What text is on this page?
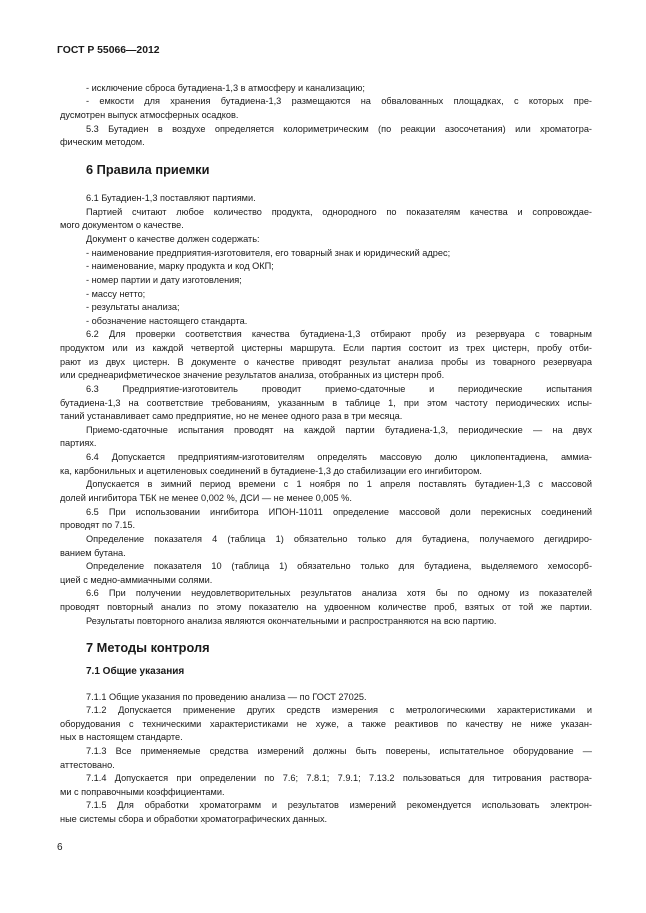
ГОСТ Р 55066—2012

- исключение сброса бутадиена-1,3 в атмосферу и канализацию;

- емкости для хранения бутадиена-1,3 размещаются на обвалованных площадках, с которых пре-

дусмотрен выпуск атмосферных осадков.

5.3 Бутадиен в воздухе определяется колориметрическим (по реакции азосочетания) или хроматогра-

фическим методом.

6.1 Бутадиен-1,3 поставляют партиями.

Партией считают любое количество продукта, однородного по показателям качества и сопровождае-

мого документом о качестве.

Документ о качестве должен содержать:

- наименование предприятия-изготовителя, его товарный знак и юридический адрес;

- наименование, марку продукта и код ОКП;

- номер партии и дату изготовления;

- массу нетто;

- результаты анализа;

- обозначение настоящего стандарта.

6.2 Для проверки соответствия качества бутадиена-1,3 отбирают пробу из резервуара с товарным

продуктом или из каждой четвертой цистерны маршрута. Если партия состоит из трех цистерн, пробу отби-

рают из двух цистерн. В документе о качестве приводят результат анализа пробы из товарного резервуара

или среднеарифметическое значение результатов анализа, отобранных из цистерн проб.

6.3 Предприятие-изготовитель проводит приемо-сдаточные и периодические испытания

бутадиена-1,3 на соответствие требованиям, указанным в таблице 1, при этом частоту периодических испы-

таний устанавливает само предприятие, но не менее одного раза в три месяца.

Приемо-сдаточные испытания проводят на каждой партии бутадиена-1,3, периодические — на двух

партиях.

6.4 Допускается предприятиям-изготовителям определять массовую долю циклопентадиена, аммиа-

ка, карбонильных и ацетиленовых соединений в бутадиене-1,3 до стабилизации его ингибитором.

Допускается в зимний период времени с 1 ноября по 1 апреля поставлять бутадиен-1,3 с массовой

долей ингибитора ТБК не менее 0,002 %, ДСИ — не менее 0,005 %.

6.5 При использовании ингибитора ИПОН-11011 определение массовой доли перекисных соединений

проводят по 7.15.

Определение показателя 4 (таблица 1) обязательно только для бутадиена, получаемого дегидриро-

ванием бутана.

Определение показателя 10 (таблица 1) обязательно только для бутадиена, выделяемого хемосорб-

цией с медно-аммиачными солями.

6.6 При получении неудовлетворительных результатов анализа хотя бы по одному из показателей

проводят повторный анализ по этому показателю на удвоенном количестве проб, взятых от той же партии.

Результаты повторного анализа являются окончательными и распространяются на всю партию.

7.1.1 Общие указания по проведению анализа — по ГОСТ 27025.

7.1.2 Допускается применение других средств измерения с метрологическими характеристиками и

оборудования с техническими характеристиками не хуже, а также реактивов по качеству не ниже указан-

ных в настоящем стандарте.

7.1.3 Все применяемые средства измерений должны быть поверены, испытательное оборудование —

аттестовано.

7.1.4 Допускается при определении по 7.6; 7.8.1; 7.9.1; 7.13.2 пользоваться для титрования раствора-

ми с поправочными коэффициентами.

7.1.5 Для обработки хроматограмм и результатов измерений рекомендуется использовать электрон-

ные системы сбора и обработки хроматографических данных.

6 Правила приемки

7 Методы контроля

7.1 Общие указания

6
